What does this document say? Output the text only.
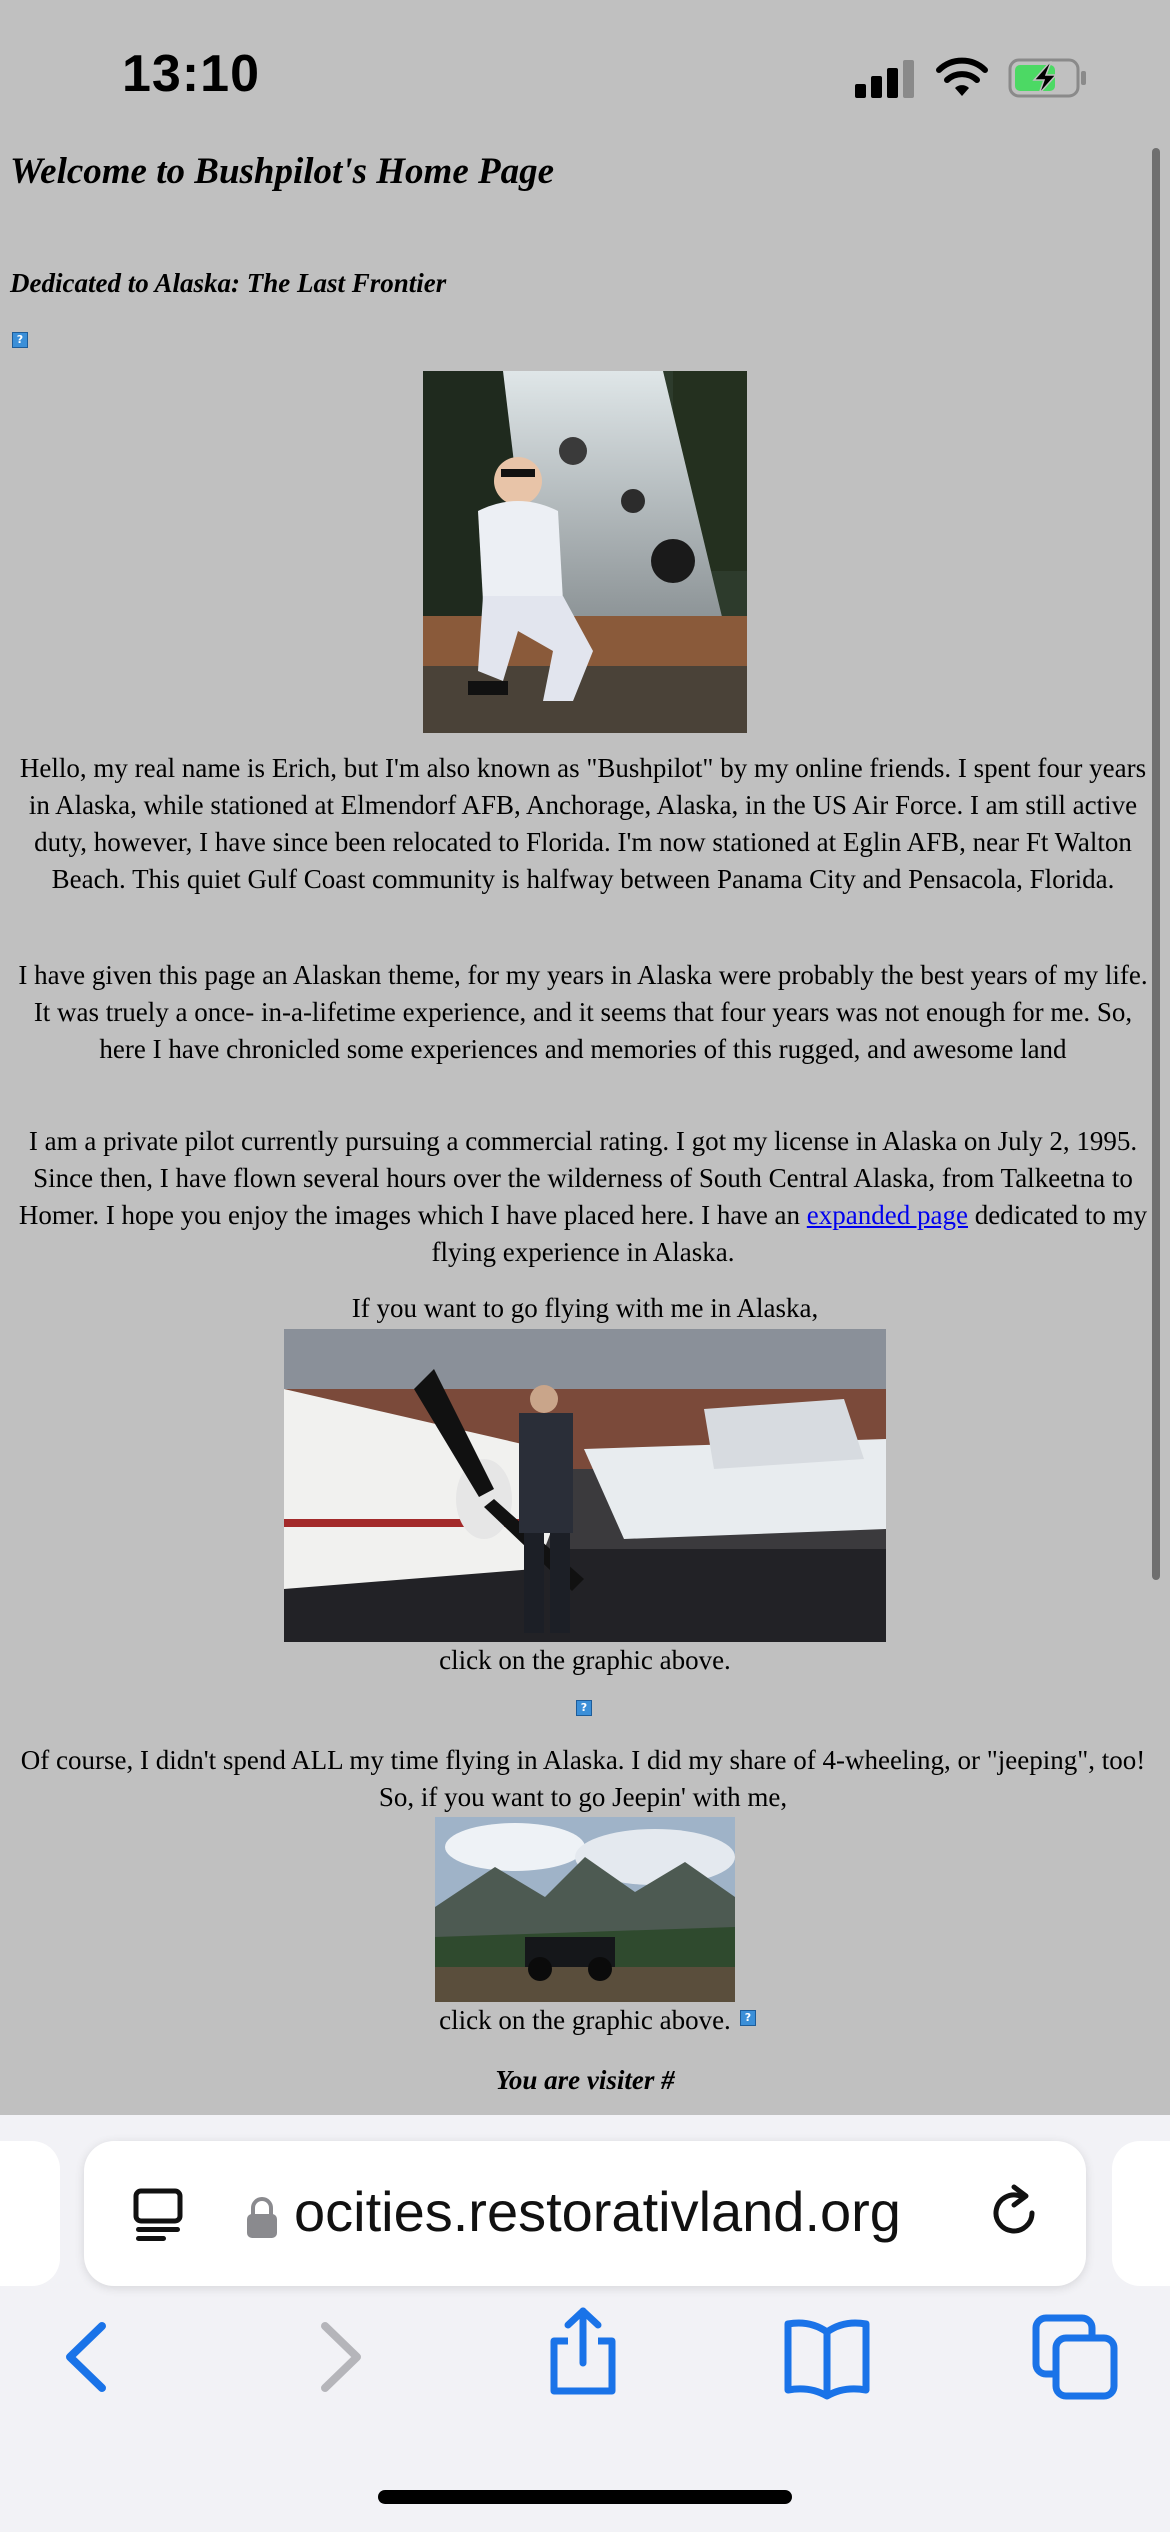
13:10
Welcome to Bushpilot's Home Page
Dedicated to Alaska: The Last Frontier
?
Hello, my real name is Erich, but I'm also known as "Bushpilot" by my online friends. I spent four years in Alaska, while stationed at Elmendorf AFB, Anchorage, Alaska, in the US Air Force. I am still active duty, however, I have since been relocated to Florida. I'm now stationed at Eglin AFB, near Ft Walton Beach. This quiet Gulf Coast community is halfway between Panama City and Pensacola, Florida.
I have given this page an Alaskan theme, for my years in Alaska were probably the best years of my life. It was truely a once- in-a-lifetime experience, and it seems that four years was not enough for me. So, here I have chronicled some experiences and memories of this rugged, and awesome land
I am a private pilot currently pursuing a commercial rating. I got my license in Alaska on July 2, 1995. Since then, I have flown several hours over the wilderness of South Central Alaska, from Talkeetna to Homer. I hope you enjoy the images which I have placed here. I have an expanded page dedicated to my flying experience in Alaska.
If you want to go flying with me in Alaska,
click on the graphic above.
?
Of course, I didn't spend ALL my time flying in Alaska. I did my share of 4-wheeling, or "jeeping", too! So, if you want to go Jeepin' with me,
click on the graphic above.	?
You are visiter #
ocities.restorativland.org
